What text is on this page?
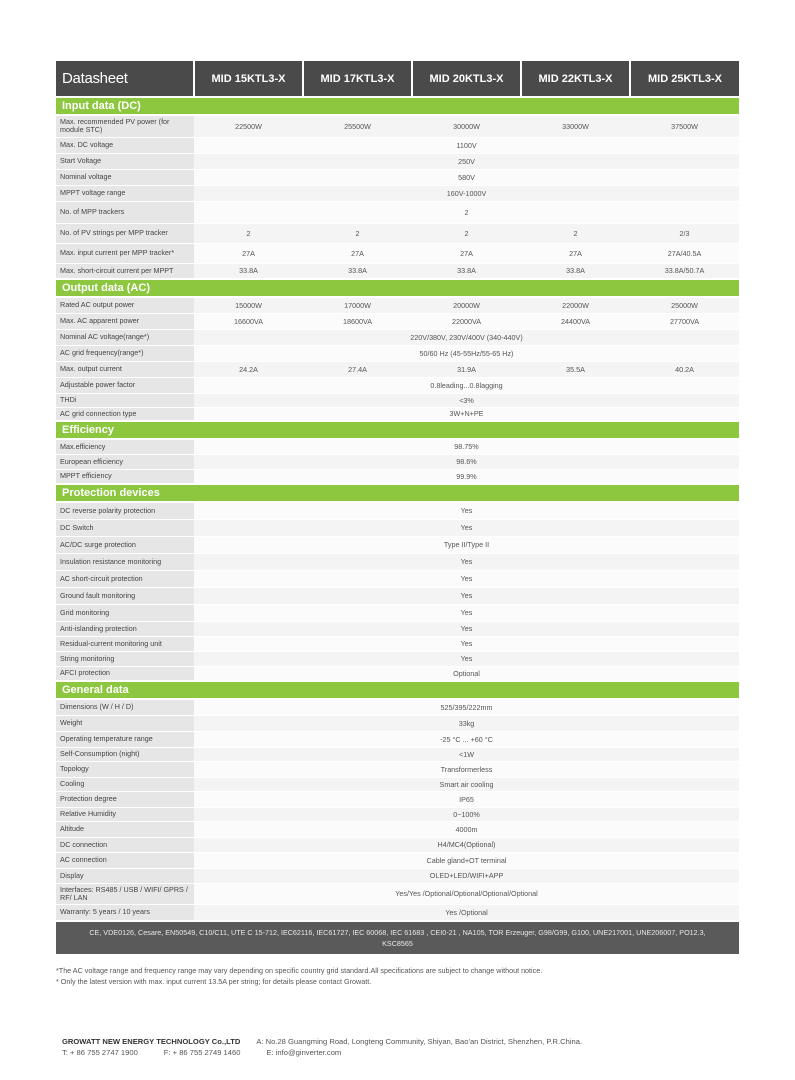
Datasheet	MID 15KTL3-X	MID 17KTL3-X	MID 20KTL3-X	MID 22KTL3-X	MID 25KTL3-X
Input data (DC)					
Max. recommended PV power (for module STC)	22500W	25500W	30000W	33000W	37500W
Max. DC voltage	1100V				
Start Voltage	250V				
Nominal voltage	580V				
MPPT voltage range	160V-1000V				
No. of MPP trackers	2				
No. of PV strings per MPP tracker	2	2	2	2	2/3
Max. input current per MPP tracker*	27A	27A	27A	27A	27A/40.5A
Max. short-circuit current per MPPT	33.8A	33.8A	33.8A	33.8A	33.8A/50.7A
Output data (AC)					
Rated AC output power	15000W	17000W	20000W	22000W	25000W
Max. AC apparent power	16600VA	18600VA	22000VA	24400VA	27700VA
Nominal AC voltage(range*)	220V/380V, 230V/400V (340-440V)				
AC grid frequency(range*)	50/60 Hz (45-55Hz/55-65 Hz)				
Max. output current	24.2A	27.4A	31.9A	35.5A	40.2A
Adjustable power factor	0.8leading...0.8lagging				
THDi	<3%				
AC grid connection type	3W+N+PE				
Efficiency					
Max.efficiency	98.75%				
European efficiency	98.6%				
MPPT efficiency	99.9%				
Protection devices					
DC reverse polarity protection	Yes				
DC Switch	Yes				
AC/DC surge protection	Type II/Type II				
Insulation resistance monitoring	Yes				
AC short-circuit protection	Yes				
Ground fault monitoring	Yes				
Grid monitoring	Yes				
Anti-islanding protection	Yes				
Residual-current monitoring unit	Yes				
String monitoring	Yes				
AFCI protection	Optional				
General data					
Dimensions (W / H / D)	525/395/222mm				
Weight	33kg				
Operating temperature range	-25 °C ... +60 °C				
Self-Consumption (night)	<1W				
Topology	Transformerless				
Cooling	Smart air cooling				
Protection degree	IP65				
Relative Humidity	0~100%				
Altitude	4000m				
DC connection	H4/MC4(Optional)				
AC connection	Cable gland+OT terminal				
Display	OLED+LED/WIFI+APP				
Interfaces: RS485 / USB / WIFI/ GPRS / RF/ LAN	Yes/Yes /Optional/Optional/Optional/Optional				
Warranty: 5 years / 10 years	Yes /Optional				
CE, VDE0126, Cesare, EN50549, C10/C11, UTE C 15-712, IEC62116, IEC61727, IEC 60068, IEC 61683 , CEI0-21 , NA105, TOR Erzeuger, G98/G99, G100, UNE217001, UNE206007, PO12.3, KSC8565					
*The AC voltage range and frequency range may vary depending on specific country grid standard.All specifications are subject to change without notice.
* Only the latest version with max. input current 13.5A per string; for details please contact Growatt.
GROWATT NEW ENERGY TECHNOLOGY Co.,LTD A: No.28 Guangming Road, Longteng Community, Shiyan, Bao'an District, Shenzhen, P.R.China.
T: + 86 755 2747 1900	F: + 86 755 2749 1460	E: info@ginverter.com
